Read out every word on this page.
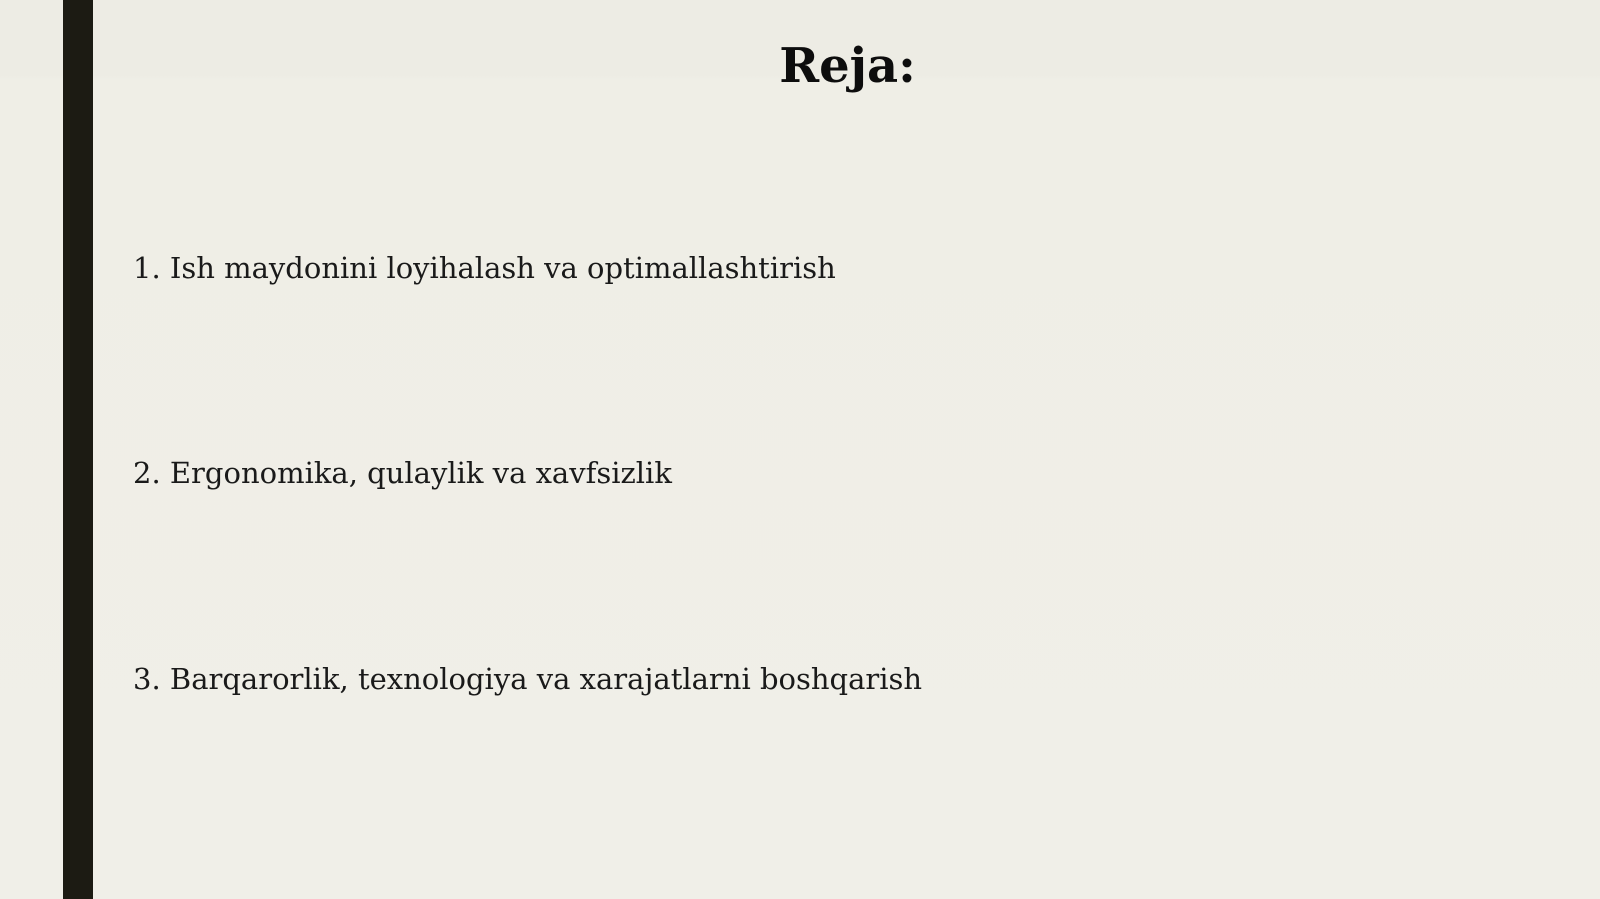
Reja:
1. Ish maydonini loyihalash va optimallashtirish
2. Ergonomika, qulaylik va xavfsizlik
3. Barqarorlik, texnologiya va xarajatlarni boshqarish
